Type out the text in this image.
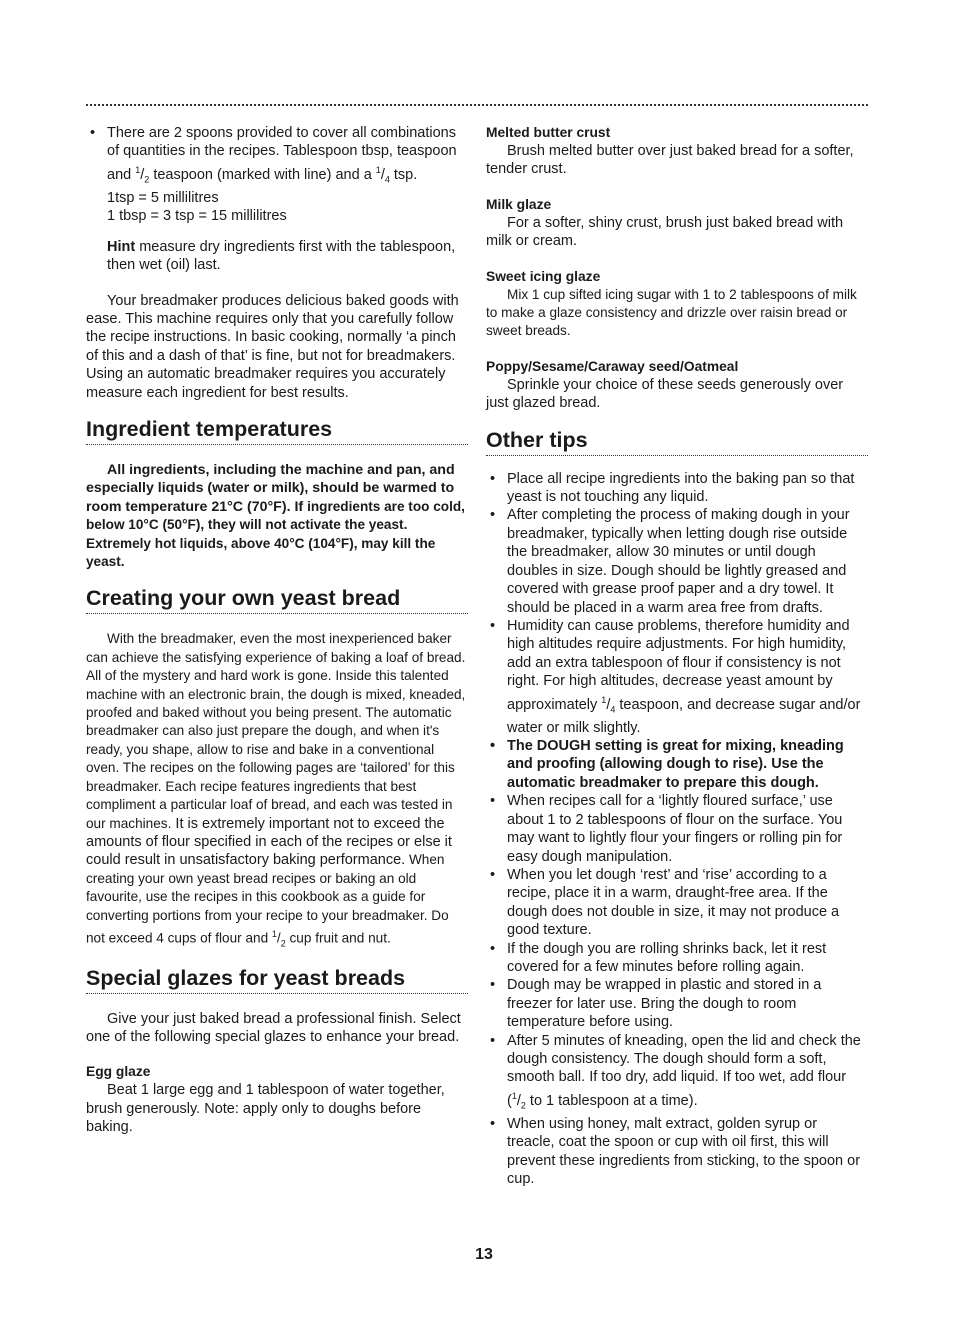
• There are 2 spoons provided to cover all combinations of quantities in the recipes. Tablespoon tbsp, teaspoon and $^1/_2$ teaspoon (marked with line) and a $^1/_4$ tsp.
1tsp = 5 millilitres
1 tbsp = 3 tsp = 15 millilitres
Hint measure dry ingredients first with the tablespoon, then wet (oil) last.

Your breadmaker produces delicious baked goods with ease. This machine requires only that you carefully follow the recipe instructions. In basic cooking, normally ‘a pinch of this and a dash of that’ is fine, but not for breadmakers. Using an automatic breadmaker requires you accurately measure each ingredient for best results.

Ingredient temperatures

All ingredients, including the machine and pan, and especially liquids (water or milk), should be warmed to room temperature 21°C (70°F). If ingredients are too cold, below 10°C (50°F), they will not activate the yeast. Extremely hot liquids, above 40°C (104°F), may kill the yeast.

Creating your own yeast bread

With the breadmaker, even the most inexperienced baker can achieve the satisfying experience of baking a loaf of bread. All of the mystery and hard work is gone. Inside this talented machine with an electronic brain, the dough is mixed, kneaded, proofed and baked without you being present. The automatic breadmaker can also just prepare the dough, and when it's ready, you shape, allow to rise and bake in a conventional oven. The recipes on the following pages are ‘tailored’ for this breadmaker. Each recipe features ingredients that best compliment a particular loaf of bread, and each was tested in our machines. It is extremely important not to exceed the amounts of flour specified in each of the recipes or else it could result in unsatisfactory baking performance. When creating your own yeast bread recipes or baking an old favourite, use the recipes in this cookbook as a guide for converting portions from your recipe to your breadmaker. Do not exceed 4 cups of flour and $^1/_2$ cup fruit and nut.

Special glazes for yeast breads

Give your just baked bread a professional finish. Select one of the following special glazes to enhance your bread.

Egg glaze

Beat 1 large egg and 1 tablespoon of water together, brush generously. Note: apply only to doughs before baking.

Melted butter crust

Brush melted butter over just baked bread for a softer, tender crust.

Milk glaze

For a softer, shiny crust, brush just baked bread with milk or cream.

Sweet icing glaze

Mix 1 cup sifted icing sugar with 1 to 2 tablespoons of milk to make a glaze consistency and drizzle over raisin bread or sweet breads.

Poppy/Sesame/Caraway seed/Oatmeal

Sprinkle your choice of these seeds generously over just glazed bread.

Other tips
• Place all recipe ingredients into the baking pan so that yeast is not touching any liquid.
• After completing the process of making dough in your breadmaker, typically when letting dough rise outside the breadmaker, allow 30 minutes or until dough doubles in size. Dough should be lightly greased and covered with grease proof paper and a dry towel. It should be placed in a warm area free from drafts.
• Humidity can cause problems, therefore humidity and high altitudes require adjustments. For high humidity, add an extra tablespoon of flour if consistency is not right. For high altitudes, decrease yeast amount by approximately $^1/_4$ teaspoon, and decrease sugar and/or water or milk slightly.
• The DOUGH setting is great for mixing, kneading and proofing (allowing dough to rise). Use the automatic breadmaker to prepare this dough.
• When recipes call for a ‘lightly floured surface,’ use about 1 to 2 tablespoons of flour on the surface. You may want to lightly flour your fingers or rolling pin for easy dough manipulation.
• When you let dough ‘rest’ and ‘rise’ according to a recipe, place it in a warm, draught-free area. If the dough does not double in size, it may not produce a good texture.
• If the dough you are rolling shrinks back, let it rest covered for a few minutes before rolling again.
• Dough may be wrapped in plastic and stored in a freezer for later use. Bring the dough to room temperature before using.
• After 5 minutes of kneading, open the lid and check the dough consistency. The dough should form a soft, smooth ball. If too dry, add liquid. If too wet, add flour ($^1/_2$ to 1 tablespoon at a time).
• When using honey, malt extract, golden syrup or treacle, coat the spoon or cup with oil first, this will prevent these ingredients from sticking, to the spoon or cup.
13
